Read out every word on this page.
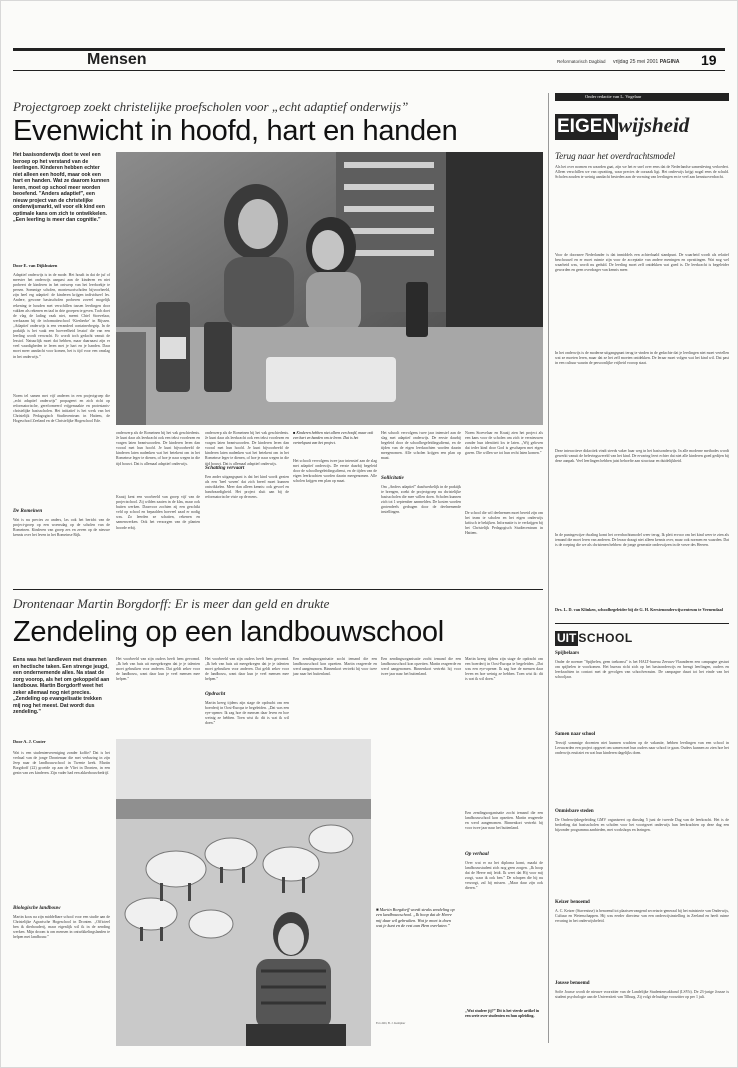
Mensen	Reformatorisch Dagblad vrijdag 25 mei 2001 PAGINA 19
Projectgroep zoekt christelijke proefscholen voor „echt adaptief onderwijs”
Evenwicht in hoofd, hart en handen
Het basisonderwijs doet te veel een beroep op het verstand van de leerlingen. Kinderen hebben echter niet alleen een hoofd, maar ook een hart en handen. Wat ze daarom kunnen leren, moet op school meer worden beoefend. "Anders adaptief", een nieuw project van de christelijke onderwijsmarkt, wil voor elk kind een optimale kans om zich te ontwikkelen. „Een leerling is meer dan cognitie.”
Door E. van Dijkhuizen
Adaptief onderwijs is in de mode. Het houdt in dat de juf of meester het onderwijs aanpast aan de kinderen en niet probeert de kinderen in het ontwerp van het leerboekje te persen. Sommige scholen, montessorischolen bijvoorbeeld, zijn heel erg adaptief: de kinderen krijgen individueel les. Andere, gewone basisscholen proberen zoveel mogelijk rekening te houden met verschillen tussen leerlingen door vakken als rekenen en taal in drie groepen te geven. Toch doet de vlag de lading vaak niet, meent Chiel Stoevelaar, werkzaam bij de informatieschool ‘Kiesberke’ in Rijssen. „Adaptief onderwijs is een veranderd containerbegrip. In de praktijk is het vaak een hoeveelheid lesstof die van een leerling wordt verwacht. Er wordt toch gedacht vanuit de lesstof. Natuurlijk moet dat hebben, maar daarnaast zijn er veel vaardigheden te leren met je hart en je handen. Daar moet meer aandacht voor komen, het is tijd voor een omslag in het onderwijs.”
Noem tel samen met vijf anderen in een projectgroep die „echt adaptief onderwijs” propageert en zich richt op reformatorische, gereformeerd vrijgemaakte en protestants-christelijke basisscholen. Het initiatief is het werk van het Christelijk Pedagogisch Studiecentrum in Hattem, de Hogeschool Zeeland en de Christelijke Hogeschool Ede.
De Romeinen
Wat is nu precies zo anders, las ook het bericht van de project-groep op een woensdag op de scholen van de Romeinen. Kinderen van groep zes en zeven op de nieuwe kennis over het leven in het Romeinse Rijk.
onderwerp als de Romeinen bij het vak geschiedenis. Je kunt daar als leerkracht ook een tekst voorlezen en vragen laten beantwoorden. De kinderen leren dan vooral met hun hoofd. Je kunt bijvoorbeeld de kinderen laten nadenken wat het betekent om in het Romeinse leger te dienen, of hoe je naar wegen in die tijd bouwt. Dat is allemaal adaptief onderwijs.
Kraaij kent een voorbeeld van groep vijf van de projectschool. Zij wilden zaaien in de klas, maar ook buiten werken. Daarvoor zochten zij een geschikt veld op school en bepaalden hoeveel zaad er nodig was. Zo leerden ze schatten, rekenen en samenwerken. Ook het verzorgen van de planten hoorde erbij.
onderwerp als de Romeinen bij het vak geschiedenis. Je kunt daar als leerkracht ook een tekst voorlezen en vragen laten beantwoorden. De kinderen leren dan vooral met hun hoofd. Je kunt bijvoorbeeld de kinderen laten nadenken wat het betekent om in het Romeinse leger te dienen, of hoe je naar wegen in die tijd bouwt. Dat is allemaal adaptief onderwijs.
Schatting vervaart
Een ander uitgangspunt is dat het kind wordt gezien als een 'heel wezen' dat zich breed moet kunnen ontwikkelen. Meer dan alleen kennis: ook gevoel en handvaardigheid. Het project sluit aan bij de reformatorische visie op de mens.
■ Kinderen hebben niet alleen een hoofd, maar ook een hart en handen om te leren. Dat is het vertrekpunt van het project.
Het schoolt vervolgens twee jaar intensief aan de slag met adaptief onderwijs. De eerste daarbij begeleid door de schoolbegeleidingsdienst, en de tijden van de eigen leerkrachten worden daarin meegenomen. Alle scholen krijgen een plan op maat.
Het schoolt vervolgens twee jaar intensief aan de slag met adaptief onderwijs. De eerste daarbij begeleid door de schoolbegeleidingsdienst, en de tijden van de eigen leerkrachten worden daarin meegenomen. Alle scholen krijgen een plan op maat.
Sollicitatie
Om „Anders adaptief” daadwerkelijk in de praktijk te brengen, zoekt de projectgroep nu christelijke basisscholen die mee willen doen. Scholen kunnen zich tot 1 september aanmelden. De kosten worden grotendeels gedragen door de deelnemende instellingen.
Noem Stoevelaar en Kraaij zien het project als een kans voor de scholen om zich te vernieuwen zonder hun identiteit los te laten. „Wij geloven dat ieder kind door God is geschapen met eigen gaven. Die willen we tot hun recht laten komen.”
De school die wil deelnemen moet bereid zijn om het team te scholen en het eigen onderwijs kritisch te bekijken. Informatie is te verkrijgen bij het Christelijk Pedagogisch Studiecentrum in Hattem.
Drontenaar Martin Borgdorff: Er is meer dan geld en drukte
Zendeling op een landbouwschool
Eens was het landleven met drammen en hectische taken. Een strenge jeugd, een ondernemende alles. Na staat de zorg voorop, als het om gekoppeld aan landbouw. Martin Borgdorff weet het zeker allemaal nog niet precies. „Zendeling op evangelisatie trekken mij nog het meest. Dat wordt dus zendeling.”
Door A. J. Custer
Wat is een studentenvereniging zonder koffie? Dat is het verhaal van de jonge Drontenaar die met verbazing in zijn Jeep naar de landbouwschool in Twente keek. Martin Borgdorff (22) groeide op aan de Vliet in Dronten, in een gezin van zes kinderen. Zijn vader had een akkerbouwbedrijf.
Biologische landbouw
Martin koos na zijn middelbare school voor een studie aan de Christelijke Agrarische Hogeschool in Dronten. „Officieel ben ik dierhouderij, maar eigenlijk wil ik in de zending werken. Mijn droom is om mensen in ontwikkelingslanden te helpen met landbouw.”
Het voorbeeld van zijn ouders heeft hem gevormd. „Ik heb van huis uit meegekregen dat je je talenten moet gebruiken voor anderen. Dat geldt zeker voor de landbouw, want daar kun je veel mensen mee helpen.”
Het voorbeeld van zijn ouders heeft hem gevormd. „Ik heb van huis uit meegekregen dat je je talenten moet gebruiken voor anderen. Dat geldt zeker voor de landbouw, want daar kun je veel mensen mee helpen.”
Opdracht
Martin kreeg tijdens zijn stage de opdracht om een boerderij in Oost-Europa te begeleiden. „Dat was een eye-opener. Ik zag hoe de mensen daar leven en hoe weinig ze hebben. Toen wist ik: dit is wat ik wil doen.”
Een zendingsorganisatie zocht iemand die een landbouwschool kon opzetten. Martin reageerde en werd aangenomen. Binnenkort vertrekt hij voor twee jaar naar het buitenland.
Een zendingsorganisatie zocht iemand die een landbouwschool kon opzetten. Martin reageerde en werd aangenomen. Binnenkort vertrekt hij voor twee jaar naar het buitenland.
Martin kreeg tijdens zijn stage de opdracht om een boerderij in Oost-Europa te begeleiden. „Dat was een eye-opener. Ik zag hoe de mensen daar leven en hoe weinig ze hebben. Toen wist ik: dit is wat ik wil doen.”
■ Martin Borgdorff wordt straks zendeling op een landbouwschool. „Ik hoop dat de Heere mij daar wil gebruiken. Wat je moet is doen wat je kunt en de rest aan Hem overlaten.”
Foto RD, B. J. Kempher
Een zendingsorganisatie zocht iemand die een landbouwschool kon opzetten. Martin reageerde en werd aangenomen. Binnenkort vertrekt hij voor twee jaar naar het buitenland.
Op verhaal
Over wat er na het diploma komt, maakt de landbouwstudent zich nog geen zorgen. „Ik hoop dat de Heere mij leidt. Ik weet dat Hij voor mij zorgt, waar ik ook ben.” De schapen die hij nu verzorgt, zal hij missen. „Maar daar zijn ook dieren.”
„Wat studeer jij?” Dit is het vierde artikel in een serie over studenten en hun opleiding.
Onder redactie van L. Vogelaar
EIGENwijsheid
Terug naar het overdrachtsmodel
Als het over normen en waarden gaat, zijn we het er snel over eens dat de Nederlandse samenleving verloedert. Alleen verschillen we van opvatting, waar precies de oorzaak ligt. Het onderwijs krijgt nogal eens de schuld. Scholen zouden te weinig aandacht besteden aan de vorming van leerlingen en te veel aan kennisoverdracht.
Voor de doorsnee Nederlander is dat inmiddels een achterhaald standpunt. De waarheid wordt als relatief beschouwd en er moet ruimte zijn voor de acceptatie van andere meningen en opvattingen. Wat nog wel waarheid was, wordt nu geduld. De leerling moet zelf ontdekken wat goed is. De leerkracht is begeleider geworden en geen overdrager van kennis meer.
In het onderwijs is de moderne uitgangspunt terug te vinden in de gedachte dat je leerlingen niet moet vertellen wat ze moeten leren, maar dat ze het zelf moeten ontdekken. De leraar moet volgen wat het kind wil. Dat past in een cultuur waarin de persoonlijke vrijheid voorop staat.
Deze interactieve didactiek vindt steeds vaker haar weg in het basisonderwijs. In alle moderne methodes wordt gewerkt vanuit de belevingswereld van het kind. De ervaring leert echter dat niet alle kinderen goed gedijen bij deze aanpak. Veel leerlingen hebben juist behoefte aan structuur en duidelijkheid.
In de puntsgewijze dwaling komt het overdrachtsmodel weer terug. Ik pleit ervoor om het kind weer te zien als iemand die moet leren van anderen. De leraar draagt niet alleen kennis over, maar ook normen en waarden. Dat is de roeping die we als christenen hebben: de jonge generatie onderwijzen in de vreze des Heeren.
Drs. L. D. van Klinken, schoolbegeleider bij de G. H. Kerstenonderwijscentrum te Veenendaal
UIT SCHOOL
Spijbelaars
Onder de noemer "Spijbelen, geen toekomst" is het HALT-bureau Zeeuws-Vlaanderen een campagne gestart om spijbelen te voorkomen. Het bureau richt zich op het basisonderwijs en brengt leerlingen, ouders en leerkrachten in contact met de gevolgen van schoolverzuim. De campagne duurt tot het einde van het schooljaar.
Samen naar school
Terwijl sommige docenten niet kunnen wachten op de vakantie, hebben leerlingen van een school in Leeuwarden een project opgezet om samen met hun ouders naar school te gaan. Ouders kunnen zo zien hoe het onderwijs eruitziet en wat hun kinderen dagelijks doen.
Onmisbare steden
De Onderwijsbegeleiding GMV organiseert op dinsdag 5 juni de tweede Dag van de leerkracht. Het is de bedoeling dat basisscholen en scholen voor het voortgezet onderwijs hun leerkrachten op deze dag een bijzonder programma aanbieden, met workshops en lezingen.
Keizer benoemd
A. C. Keizer (Stavenisse) is benoemd tot plaatsvervangend secretaris-generaal bij het ministerie van Onderwijs, Cultuur en Wetenschappen. Hij was eerder directeur van een onderwijsinstelling in Zeeland en heeft ruime ervaring in het onderwijsbeleid.
Jousse benoemd
Sofie Jousse wordt de nieuwe voorzitter van de Landelijke Studentenvakbond (LSVb). De 23-jarige Jousse is student psychologie aan de Universiteit van Tilburg. Zij volgt de huidige voorzitter op per 1 juli.
